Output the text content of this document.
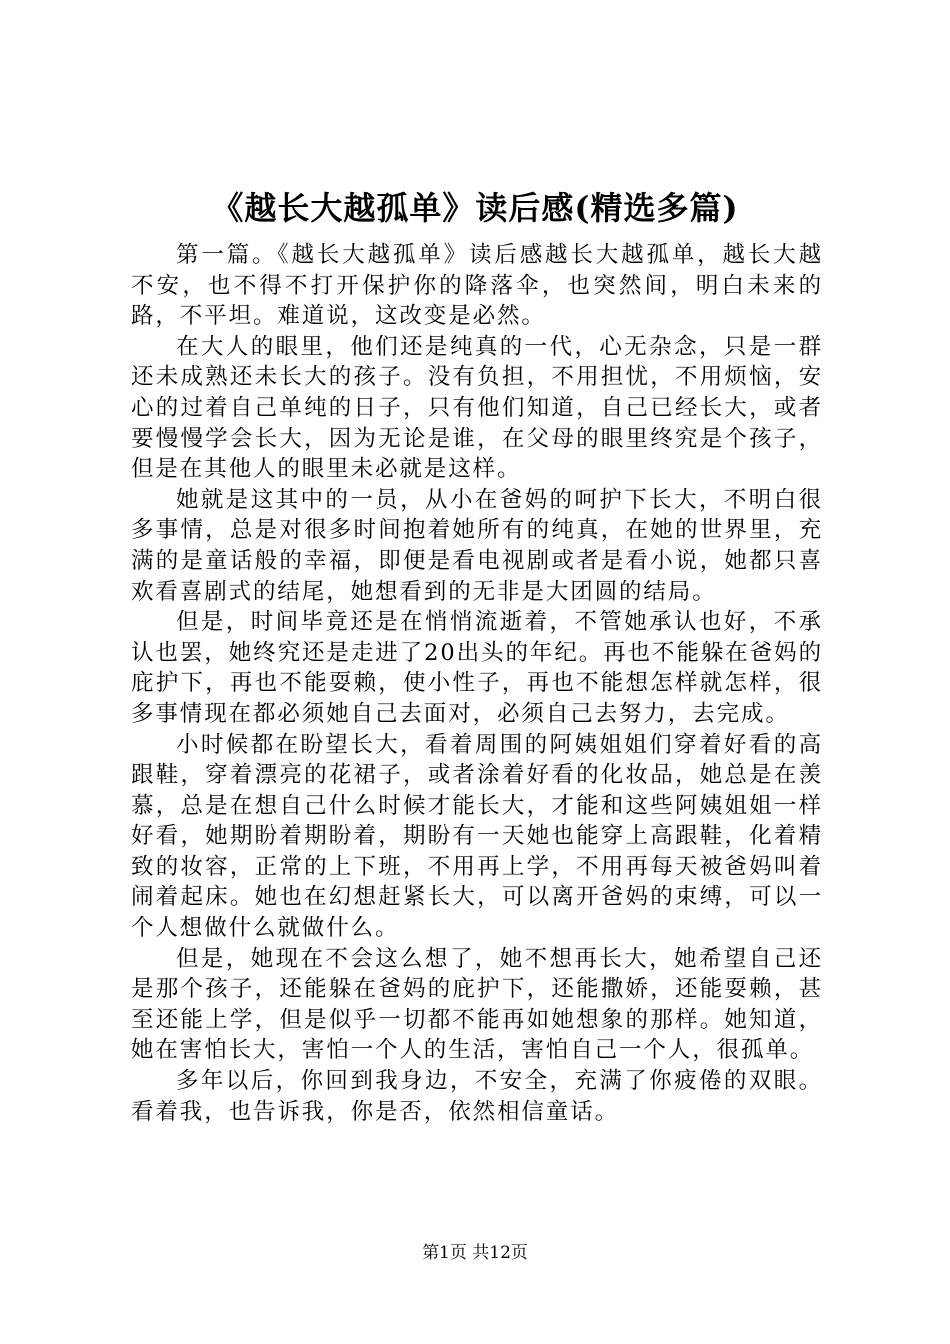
《越长大越孤单》读后感(精选多篇)

第一篇。《越长大越孤单》读后感越长大越孤单，越长大越不安，也不得不打开保护你的降落伞，也突然间，明白未来的路，不平坦。难道说，这改变是必然。

在大人的眼里，他们还是纯真的一代，心无杂念，只是一群还未成熟还未长大的孩子。没有负担，不用担忧，不用烦恼，安心的过着自己单纯的日子，只有他们知道，自己已经长大，或者要慢慢学会长大，因为无论是谁，在父母的眼里终究是个孩子，但是在其他人的眼里未必就是这样。

她就是这其中的一员，从小在爸妈的呵护下长大，不明白很多事情，总是对很多时间抱着她所有的纯真，在她的世界里，充满的是童话般的幸福，即便是看电视剧或者是看小说，她都只喜欢看喜剧式的结尾，她想看到的无非是大团圆的结局。

但是，时间毕竟还是在悄悄流逝着，不管她承认也好，不承认也罢，她终究还是走进了20出头的年纪。再也不能躲在爸妈的庇护下，再也不能耍赖，使小性子，再也不能想怎样就怎样，很多事情现在都必须她自己去面对，必须自己去努力，去完成。

小时候都在盼望长大，看着周围的阿姨姐姐们穿着好看的高跟鞋，穿着漂亮的花裙子，或者涂着好看的化妆品，她总是在羡慕，总是在想自己什么时候才能长大，才能和这些阿姨姐姐一样好看，她期盼着期盼着，期盼有一天她也能穿上高跟鞋，化着精致的妆容，正常的上下班，不用再上学，不用再每天被爸妈叫着闹着起床。她也在幻想赶紧长大，可以离开爸妈的束缚，可以一个人想做什么就做什么。

但是，她现在不会这么想了，她不想再长大，她希望自己还是那个孩子，还能躲在爸妈的庇护下，还能撒娇，还能耍赖，甚至还能上学，但是似乎一切都不能再如她想象的那样。她知道，她在害怕长大，害怕一个人的生活，害怕自己一个人，很孤单。

多年以后，你回到我身边，不安全，充满了你疲倦的双眼。看着我，也告诉我，你是否，依然相信童话。

第1页 共12页
